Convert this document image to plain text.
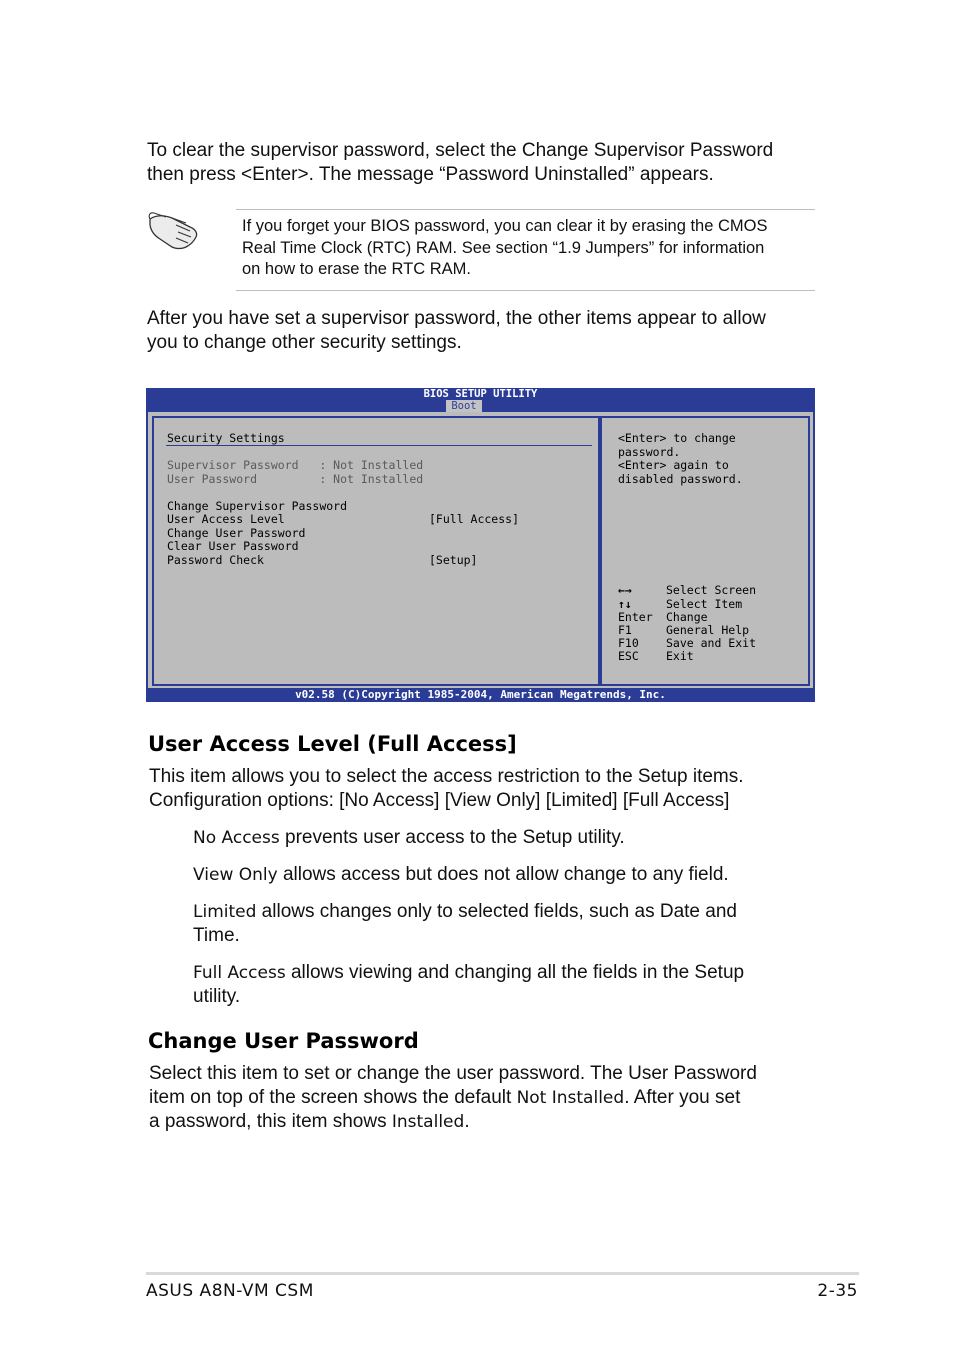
To clear the supervisor password, select the Change Supervisor Password

then press <Enter>. The message “Password Uninstalled” appears.

If you forget your BIOS password, you can clear it by erasing the CMOS
Real Time Clock (RTC) RAM. See section “1.9 Jumpers” for information
on how to erase the RTC RAM.

After you have set a supervisor password, the other items appear to allow

you to change other security settings.

BIOS SETUP UTILITY
Boot

Security Settings

Supervisor Password   : Not Installed

User Password         : Not Installed

Change Supervisor Password

User Access Level	[Full Access]

Change User Password

Clear User Password

Password Check	[Setup]

<Enter> to change

password.

<Enter> again to

disabled password.

←→	Select Screen

↑↓	Select Item

Enter Change

F1	General Help

F10 Save and Exit

ESC Exit

v02.58 (C)Copyright 1985-2004, American Megatrends, Inc.
User Access Level (Full Access]

This item allows you to select the access restriction to the Setup items.

Configuration options: [No Access] [View Only] [Limited] [Full Access]

No Access prevents user access to the Setup utility.

View Only allows access but does not allow change to any field.

Limited allows changes only to selected fields, such as Date and

Time.

Full Access allows viewing and changing all the fields in the Setup

utility.

Change User Password

Select this item to set or change the user password. The User Password

item on top of the screen shows the default Not Installed. After you set

a password, this item shows Installed.

ASUS A8N-VM CSM	2-35
